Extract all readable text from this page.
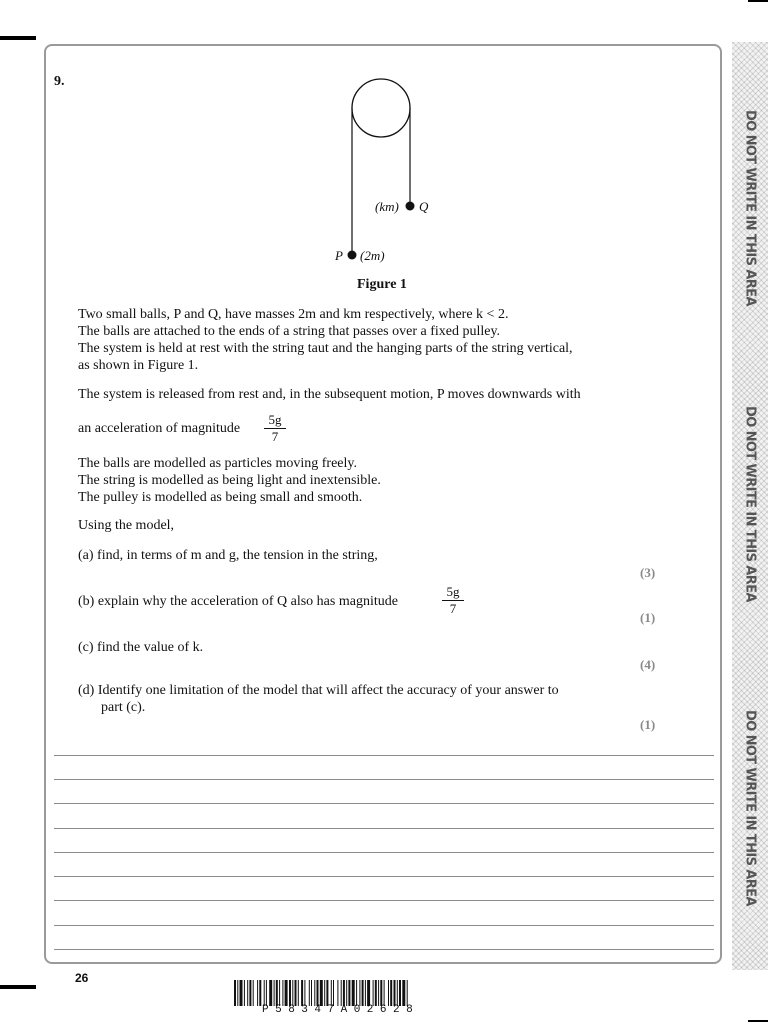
DO NOT WRITE IN THIS AREA
DO NOT WRITE IN THIS AREA
DO NOT WRITE IN THIS AREA
9.
(km) Q
P (2m)
Figure 1
Two small balls, P and Q, have masses 2m and km respectively, where k < 2.
The balls are attached to the ends of a string that passes over a fixed pulley.
The system is held at rest with the string taut and the hanging parts of the string vertical,
as shown in Figure 1.
The system is released from rest and, in the subsequent motion, P moves downwards with
an acceleration of magnitude	$\frac{5g}{7}$
The balls are modelled as particles moving freely.
The string is modelled as being light and inextensible.
The pulley is modelled as being small and smooth.
Using the model,
(a) find, in terms of m and g, the tension in the string,
(3)
(b) explain why the acceleration of Q also has magnitude	$\frac{5g}{7}$
(1)
(c) find the value of k.
(4)
(d) Identify one limitation of the model that will affect the accuracy of your answer to
part (c).
(1)
26
P58347A02628
